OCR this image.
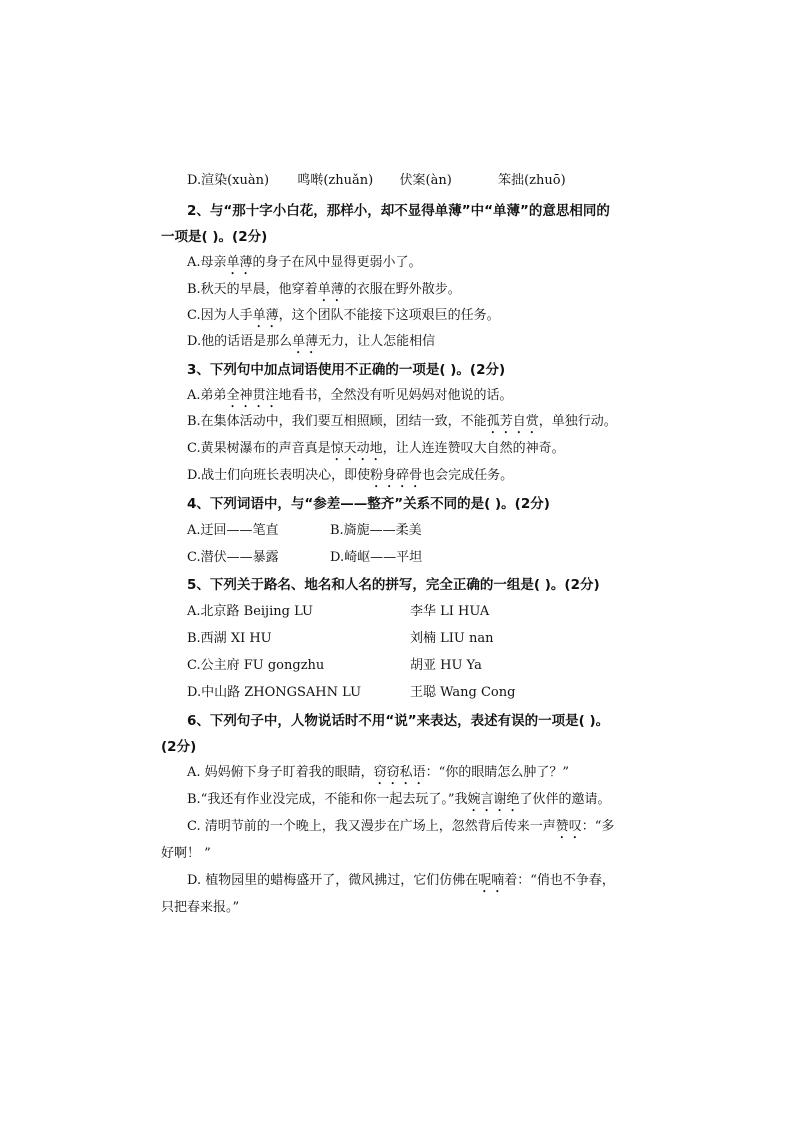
D.渲染(xuàn) 鸣啭(zhuǎn) 伏案(àn)	笨拙(zhuō)
2、与“那十字小白花，那样小，却不显得单薄”中“单薄”的意思相同的
一项是( )。(2分)
A.母亲单薄的身子在风中显得更弱小了。
B.秋天的早晨，他穿着单薄的衣服在野外散步。
C.因为人手单薄，这个团队不能接下这项艰巨的任务。
D.他的话语是那么单薄无力，让人怎能相信
3、下列句中加点词语使用不正确的一项是( )。(2分)
A.弟弟全神贯注地看书，全然没有听见妈妈对他说的话。
B.在集体活动中，我们要互相照顾，团结一致，不能孤芳自赏，单独行动。
C.黄果树瀑布的声音真是惊天动地，让人连连赞叹大自然的神奇。
D.战士们向班长表明决心，即使粉身碎骨也会完成任务。
4、下列词语中，与“参差——整齐”关系不同的是( )。(2分)
A.迂回——笔直	B.旖旎——柔美
C.潜伏——暴露	D.崎岖——平坦
5、下列关于路名、地名和人名的拼写，完全正确的一组是( )。(2分)
A.北京路 Beijing LU	李华 LI HUA
B.西湖 XI HU	刘楠 LIU nan
C.公主府 FU gongzhu	胡亚 HU Ya
D.中山路 ZHONGSAHN LU	王聪 Wang Cong
6、下列句子中，人物说话时不用“说”来表达，表述有误的一项是( )。
(2分)
A. 妈妈俯下身子盯着我的眼睛，窃窃私语：“你的眼睛怎么肿了？”
B.“我还有作业没完成，不能和你一起去玩了。”我婉言谢绝了伙伴的邀请。
C. 清明节前的一个晚上，我又漫步在广场上，忽然背后传来一声赞叹：“多
好啊！ ”
D. 植物园里的蜡梅盛开了，微风拂过，它们仿佛在呢喃着：“俏也不争春，
只把春来报。”
